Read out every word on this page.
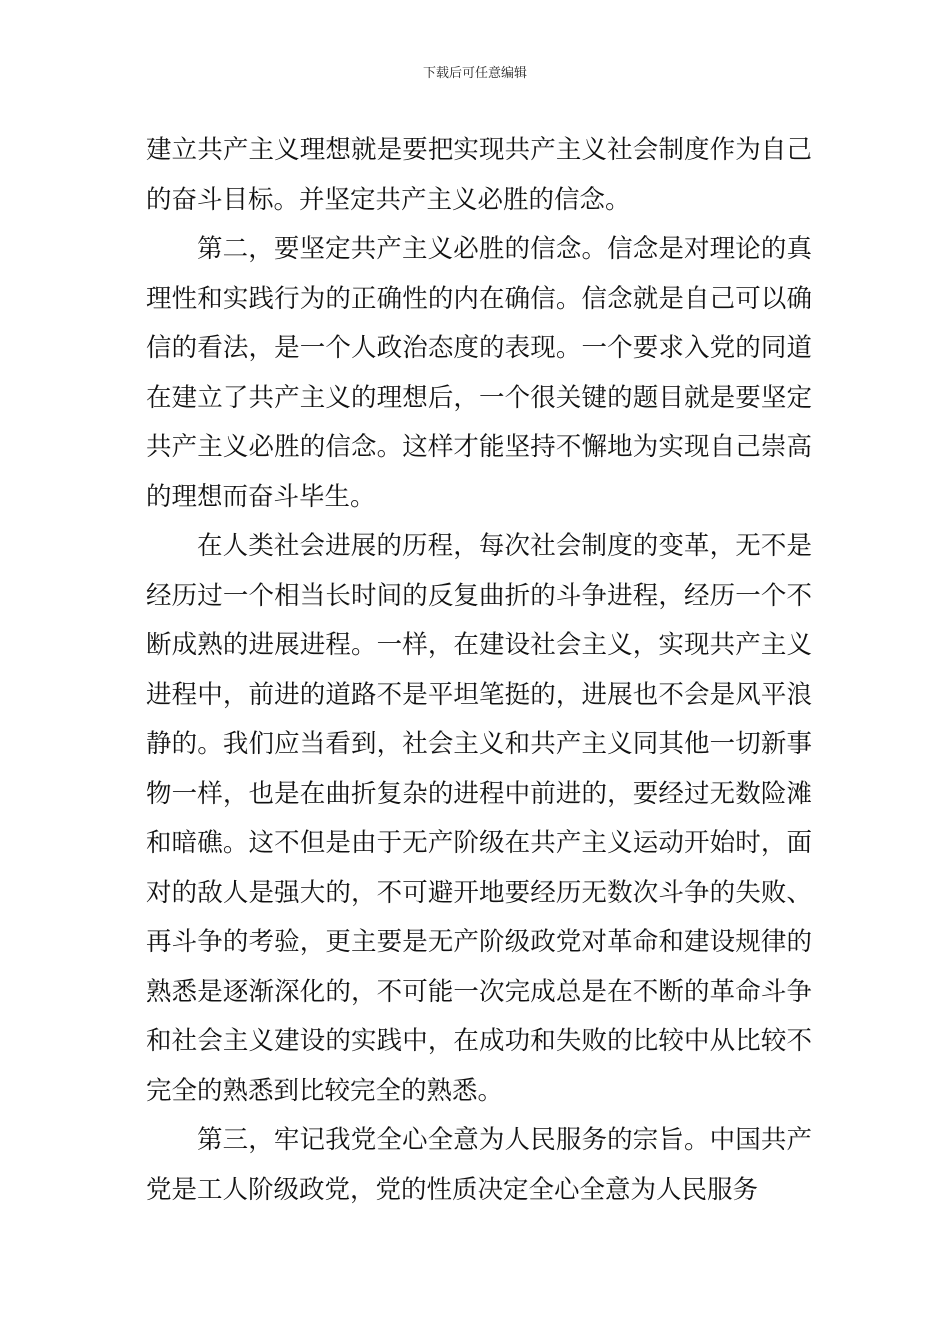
下载后可任意编辑

建立共产主义理想就是要把实现共产主义社会制度作为自己的奋斗目标。并坚定共产主义必胜的信念。

第二，要坚定共产主义必胜的信念。信念是对理论的真理性和实践行为的正确性的内在确信。信念就是自己可以确信的看法，是一个人政治态度的表现。一个要求入党的同道在建立了共产主义的理想后，一个很关键的题目就是要坚定共产主义必胜的信念。这样才能坚持不懈地为实现自己崇高的理想而奋斗毕生。

在人类社会进展的历程，每次社会制度的变革，无不是经历过一个相当长时间的反复曲折的斗争进程，经历一个不断成熟的进展进程。一样，在建设社会主义，实现共产主义进程中，前进的道路不是平坦笔挺的，进展也不会是风平浪静的。我们应当看到，社会主义和共产主义同其他一切新事物一样，也是在曲折复杂的进程中前进的，要经过无数险滩和暗礁。这不但是由于无产阶级在共产主义运动开始时，面对的敌人是强大的，不可避开地要经历无数次斗争的失败、再斗争的考验，更主要是无产阶级政党对革命和建设规律的熟悉是逐渐深化的，不可能一次完成总是在不断的革命斗争和社会主义建设的实践中，在成功和失败的比较中从比较不完全的熟悉到比较完全的熟悉。

第三，牢记我党全心全意为人民服务的宗旨。中国共产党是工人阶级政党，党的性质决定全心全意为人民服务
